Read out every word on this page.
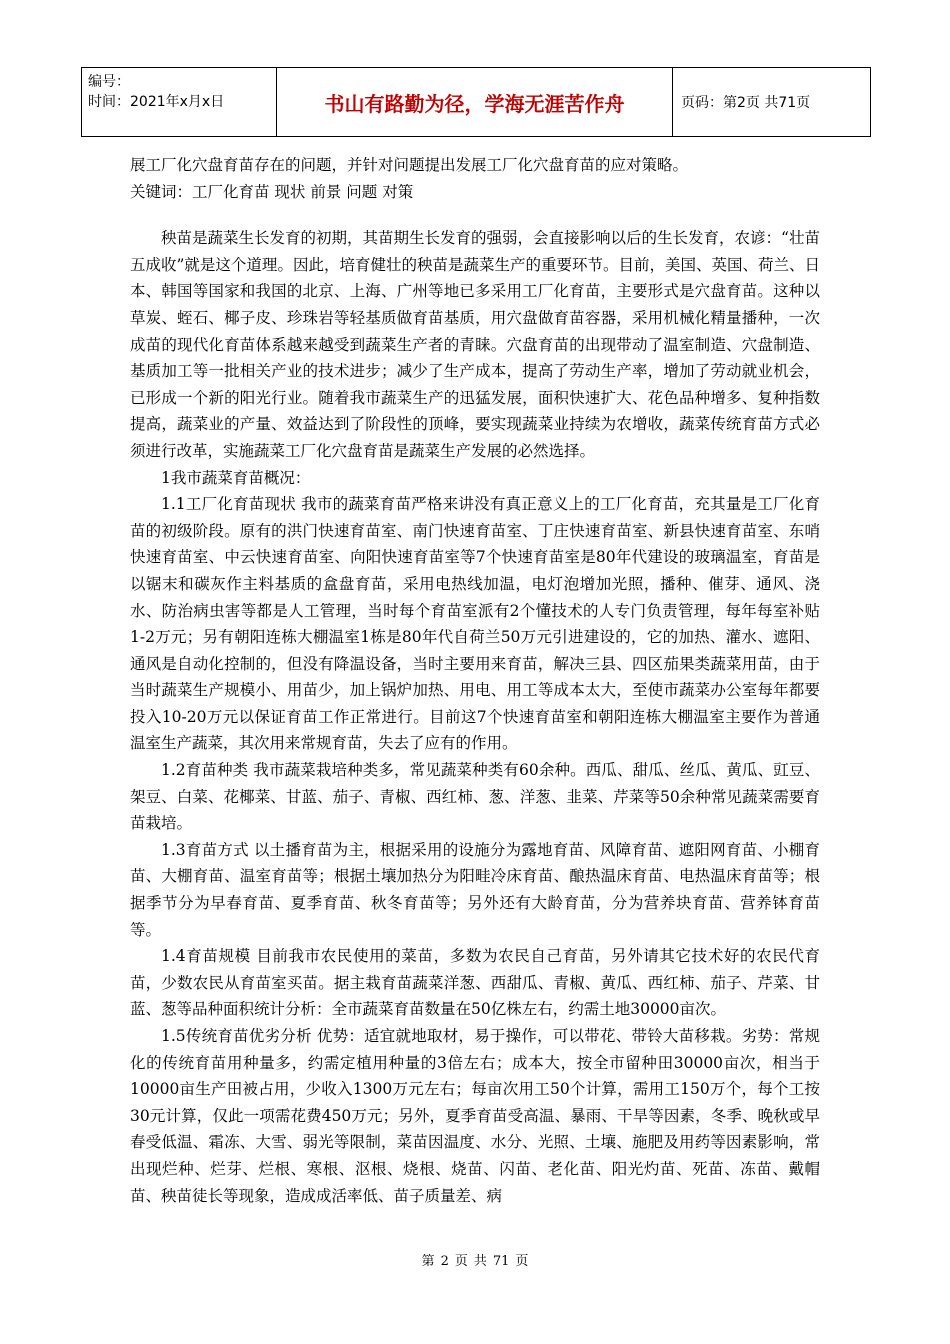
编号：
时间：2021年x月x日	书山有路勤为径，学海无涯苦作舟	页码：第2页 共71页

展工厂化穴盘育苗存在的问题，并针对问题提出发展工厂化穴盘育苗的应对策略。

关键词：工厂化育苗 现状 前景 问题 对策

秧苗是蔬菜生长发育的初期，其苗期生长发育的强弱，会直接影响以后的生长发育，农谚：“壮苗五成收”就是这个道理。因此，培育健壮的秧苗是蔬菜生产的重要环节。目前，美国、英国、荷兰、日本、韩国等国家和我国的北京、上海、广州等地已多采用工厂化育苗，主要形式是穴盘育苗。这种以草炭、蛭石、椰子皮、珍珠岩等轻基质做育苗基质，用穴盘做育苗容器，采用机械化精量播种，一次成苗的现代化育苗体系越来越受到蔬菜生产者的青睐。穴盘育苗的出现带动了温室制造、穴盘制造、基质加工等一批相关产业的技术进步；减少了生产成本，提高了劳动生产率，增加了劳动就业机会，已形成一个新的阳光行业。随着我市蔬菜生产的迅猛发展，面积快速扩大、花色品种增多、复种指数提高，蔬菜业的产量、效益达到了阶段性的顶峰，要实现蔬菜业持续为农增收，蔬菜传统育苗方式必须进行改革，实施蔬菜工厂化穴盘育苗是蔬菜生产发展的必然选择。

1我市蔬菜育苗概况：

1.1工厂化育苗现状 我市的蔬菜育苗严格来讲没有真正意义上的工厂化育苗，充其量是工厂化育苗的初级阶段。原有的洪门快速育苗室、南门快速育苗室、丁庄快速育苗室、新县快速育苗室、东哨快速育苗室、中云快速育苗室、向阳快速育苗室等7个快速育苗室是80年代建设的玻璃温室，育苗是以锯末和碳灰作主料基质的盒盘育苗，采用电热线加温，电灯泡增加光照，播种、催芽、通风、浇水、防治病虫害等都是人工管理，当时每个育苗室派有2个懂技术的人专门负责管理，每年每室补贴1-2万元；另有朝阳连栋大棚温室1栋是80年代自荷兰50万元引进建设的，它的加热、灌水、遮阳、通风是自动化控制的，但没有降温设备，当时主要用来育苗，解决三县、四区茄果类蔬菜用苗，由于当时蔬菜生产规模小、用苗少，加上锅炉加热、用电、用工等成本太大，至使市蔬菜办公室每年都要投入10-20万元以保证育苗工作正常进行。目前这7个快速育苗室和朝阳连栋大棚温室主要作为普通温室生产蔬菜，其次用来常规育苗，失去了应有的作用。

1.2育苗种类 我市蔬菜栽培种类多，常见蔬菜种类有60余种。西瓜、甜瓜、丝瓜、黄瓜、豇豆、架豆、白菜、花椰菜、甘蓝、茄子、青椒、西红柿、葱、洋葱、韭菜、芹菜等50余种常见蔬菜需要育苗栽培。

1.3育苗方式 以土播育苗为主，根据采用的设施分为露地育苗、风障育苗、遮阳网育苗、小棚育苗、大棚育苗、温室育苗等；根据土壤加热分为阳畦冷床育苗、酿热温床育苗、电热温床育苗等；根据季节分为早春育苗、夏季育苗、秋冬育苗等；另外还有大龄育苗，分为营养块育苗、营养钵育苗等。

1.4育苗规模 目前我市农民使用的菜苗，多数为农民自己育苗，另外请其它技术好的农民代育苗，少数农民从育苗室买苗。据主栽育苗蔬菜洋葱、西甜瓜、青椒、黄瓜、西红柿、茄子、芹菜、甘蓝、葱等品种面积统计分析：全市蔬菜育苗数量在50亿株左右，约需土地30000亩次。

1.5传统育苗优劣分析 优势：适宜就地取材，易于操作，可以带花、带铃大苗移栽。劣势：常规化的传统育苗用种量多，约需定植用种量的3倍左右；成本大，按全市留种田30000亩次，相当于10000亩生产田被占用，少收入1300万元左右；每亩次用工50个计算，需用工150万个，每个工按30元计算，仅此一项需花费450万元；另外，夏季育苗受高温、暴雨、干旱等因素，冬季、晚秋或早春受低温、霜冻、大雪、弱光等限制，菜苗因温度、水分、光照、土壤、施肥及用药等因素影响，常出现烂种、烂芽、烂根、寒根、沤根、烧根、烧苗、闪苗、老化苗、阳光灼苗、死苗、冻苗、戴帽苗、秧苗徒长等现象，造成成活率低、苗子质量差、病

第 2 页 共 71 页
